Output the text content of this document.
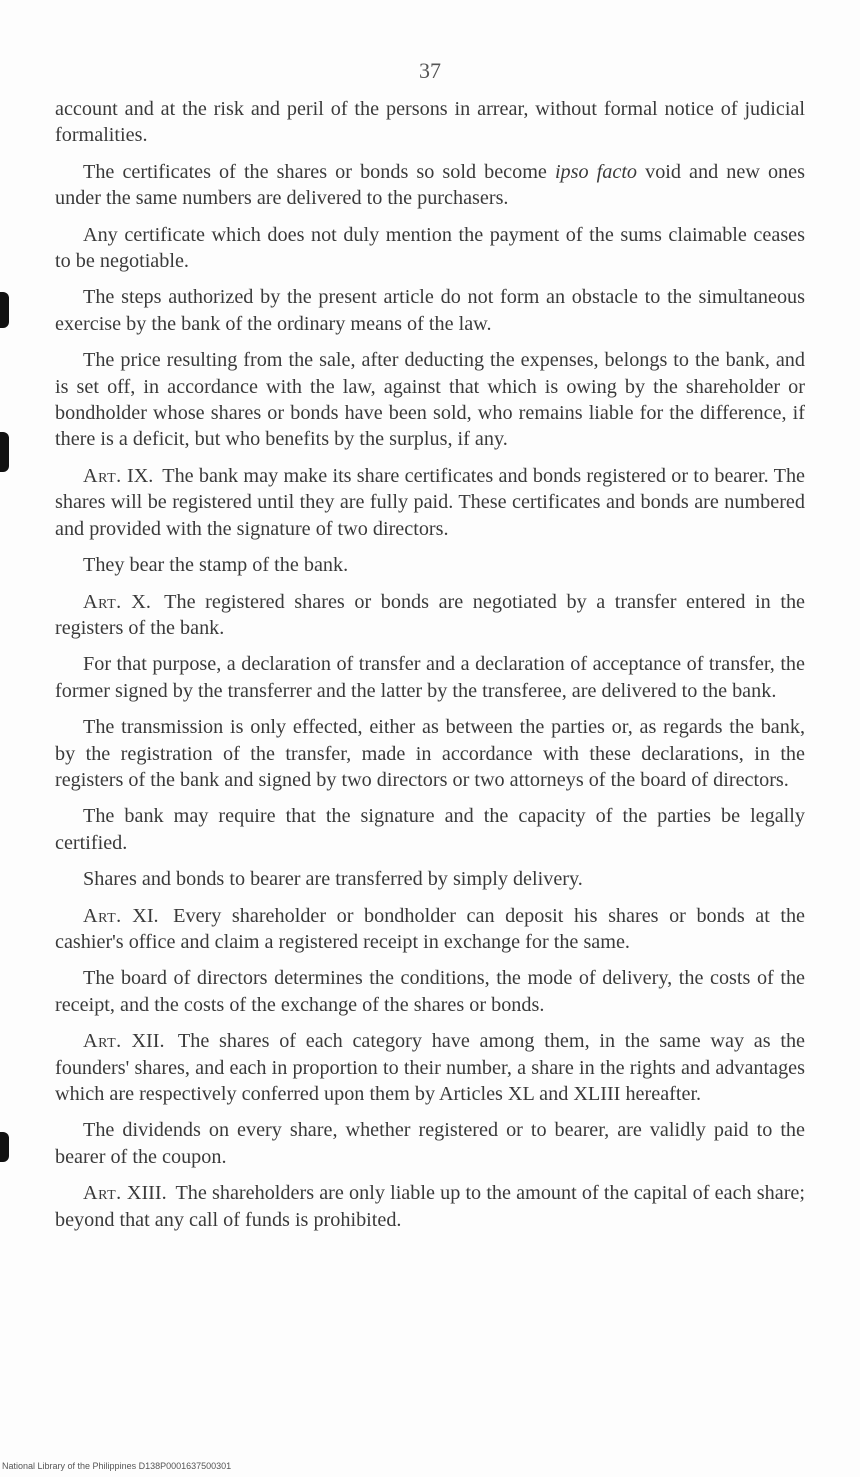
37

account and at the risk and peril of the persons in arrear, without formal notice of judicial formalities.

The certificates of the shares or bonds so sold become ipso facto void and new ones under the same numbers are delivered to the purchasers.

Any certificate which does not duly mention the payment of the sums claimable ceases to be negotiable.

The steps authorized by the present article do not form an obstacle to the simultaneous exercise by the bank of the ordinary means of the law.

The price resulting from the sale, after deducting the expenses, belongs to the bank, and is set off, in accordance with the law, against that which is owing by the shareholder or bondholder whose shares or bonds have been sold, who remains liable for the difference, if there is a deficit, but who benefits by the surplus, if any.

Art. IX. The bank may make its share certificates and bonds registered or to bearer. The shares will be registered until they are fully paid. These certificates and bonds are numbered and provided with the signature of two directors.

They bear the stamp of the bank.

Art. X. The registered shares or bonds are negotiated by a transfer entered in the registers of the bank.

For that purpose, a declaration of transfer and a declaration of acceptance of transfer, the former signed by the transferrer and the latter by the transferee, are delivered to the bank.

The transmission is only effected, either as between the parties or, as regards the bank, by the registration of the transfer, made in accordance with these declarations, in the registers of the bank and signed by two directors or two attorneys of the board of directors.

The bank may require that the signature and the capacity of the parties be legally certified.

Shares and bonds to bearer are transferred by simply delivery.

Art. XI. Every shareholder or bondholder can deposit his shares or bonds at the cashier's office and claim a registered receipt in exchange for the same.

The board of directors determines the conditions, the mode of delivery, the costs of the receipt, and the costs of the exchange of the shares or bonds.

Art. XII. The shares of each category have among them, in the same way as the founders' shares, and each in proportion to their number, a share in the rights and advantages which are respectively conferred upon them by Articles XL and XLIII hereafter.

The dividends on every share, whether registered or to bearer, are validly paid to the bearer of the coupon.

Art. XIII. The shareholders are only liable up to the amount of the capital of each share; beyond that any call of funds is prohibited.

National Library of the Philippines D138P0001637500301
